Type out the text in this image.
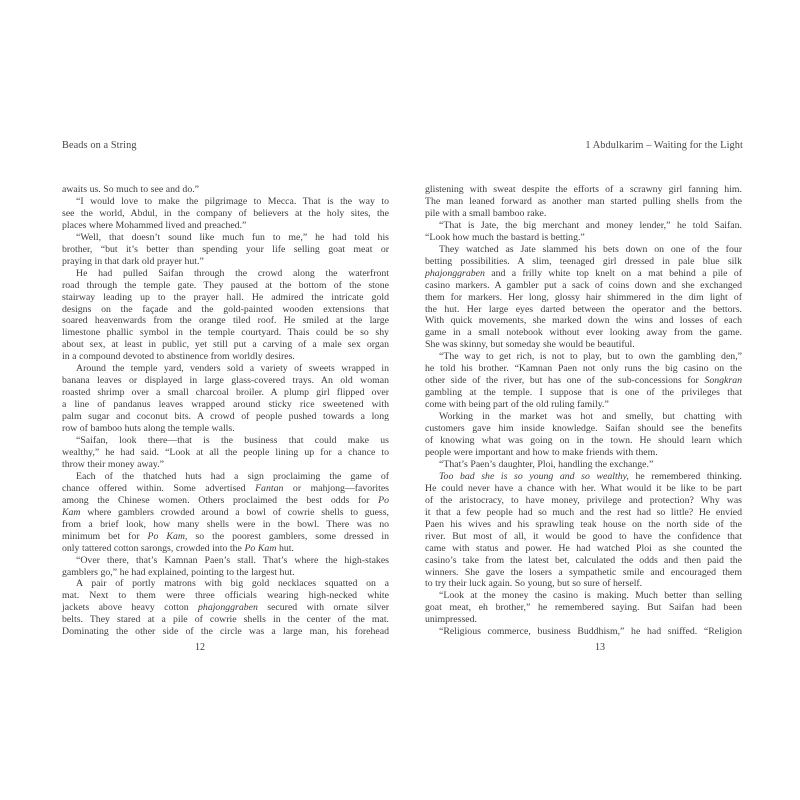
Beads on a String	1 Abdulkarim – Waiting for the Light
awaits us. So much to see and do.”
“I would love to make the pilgrimage to Mecca. That is the way to
see the world, Abdul, in the company of believers at the holy sites, the
places where Mohammed lived and preached.”
“Well, that doesn’t sound like much fun to me,” he had told his
brother, “but it’s better than spending your life selling goat meat or
praying in that dark old prayer hut.”
He had pulled Saifan through the crowd along the waterfront
road through the temple gate. They paused at the bottom of the stone
stairway leading up to the prayer hall. He admired the intricate gold
designs on the façade and the gold-painted wooden extensions that
soared heavenwards from the orange tiled roof. He smiled at the large
limestone phallic symbol in the temple courtyard. Thais could be so shy
about sex, at least in public, yet still put a carving of a male sex organ
in a compound devoted to abstinence from worldly desires.
Around the temple yard, venders sold a variety of sweets wrapped in
banana leaves or displayed in large glass-covered trays. An old woman
roasted shrimp over a small charcoal broiler. A plump girl flipped over
a line of pandanus leaves wrapped around sticky rice sweetened with
palm sugar and coconut bits. A crowd of people pushed towards a long
row of bamboo huts along the temple walls.
“Saifan, look there—that is the business that could make us
wealthy,” he had said. “Look at all the people lining up for a chance to
throw their money away.”
Each of the thatched huts had a sign proclaiming the game of
chance offered within. Some advertised Fantan or mahjong—favorites
among the Chinese women. Others proclaimed the best odds for Po
Kam where gamblers crowded around a bowl of cowrie shells to guess,
from a brief look, how many shells were in the bowl. There was no
minimum bet for Po Kam, so the poorest gamblers, some dressed in
only tattered cotton sarongs, crowded into the Po Kam hut.
“Over there, that’s Kamnan Paen’s stall. That’s where the high-stakes
gamblers go,” he had explained, pointing to the largest hut.
A pair of portly matrons with big gold necklaces squatted on a
mat. Next to them were three officials wearing high-necked white
jackets above heavy cotton phajonggraben secured with ornate silver
belts. They stared at a pile of cowrie shells in the center of the mat.
Dominating the other side of the circle was a large man, his forehead
glistening with sweat despite the efforts of a scrawny girl fanning him.
The man leaned forward as another man started pulling shells from the
pile with a small bamboo rake.
“That is Jate, the big merchant and money lender,” he told Saifan.
“Look how much the bastard is betting.”
They watched as Jate slammed his bets down on one of the four
betting possibilities. A slim, teenaged girl dressed in pale blue silk
phajonggraben and a frilly white top knelt on a mat behind a pile of
casino markers. A gambler put a sack of coins down and she exchanged
them for markers. Her long, glossy hair shimmered in the dim light of
the hut. Her large eyes darted between the operator and the bettors.
With quick movements, she marked down the wins and losses of each
game in a small notebook without ever looking away from the game.
She was skinny, but someday she would be beautiful.
“The way to get rich, is not to play, but to own the gambling den,”
he told his brother. “Kamnan Paen not only runs the big casino on the
other side of the river, but has one of the sub-concessions for Songkran
gambling at the temple. I suppose that is one of the privileges that
come with being part of the old ruling family.”
Working in the market was hot and smelly, but chatting with
customers gave him inside knowledge. Saifan should see the benefits
of knowing what was going on in the town. He should learn which
people were important and how to make friends with them.
“That’s Paen’s daughter, Ploi, handling the exchange.”
Too bad she is so young and so wealthy, he remembered thinking.
He could never have a chance with her. What would it be like to be part
of the aristocracy, to have money, privilege and protection? Why was
it that a few people had so much and the rest had so little? He envied
Paen his wives and his sprawling teak house on the north side of the
river. But most of all, it would be good to have the confidence that
came with status and power. He had watched Ploi as she counted the
casino’s take from the latest bet, calculated the odds and then paid the
winners. She gave the losers a sympathetic smile and encouraged them
to try their luck again. So young, but so sure of herself.
“Look at the money the casino is making. Much better than selling
goat meat, eh brother,” he remembered saying. But Saifan had been
unimpressed.
“Religious commerce, business Buddhism,” he had sniffed. “Religion
12	13
